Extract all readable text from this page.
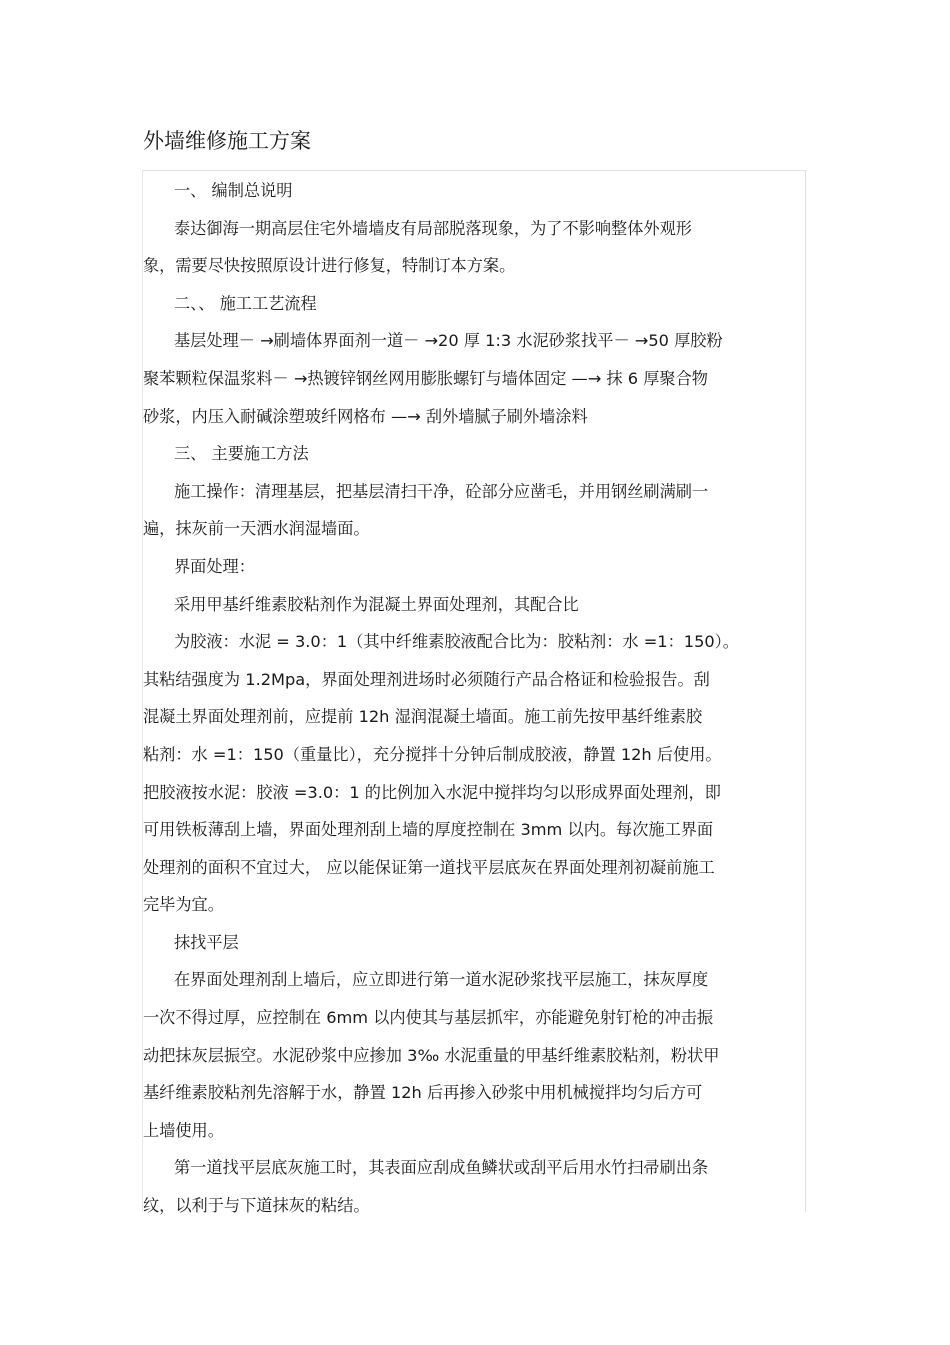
外墙维修施工方案
一、 编制总说明
泰达御海一期高层住宅外墙墙皮有局部脱落现象，为了不影响整体外观形
象，需要尽快按照原设计进行修复，特制订本方案。
二、、 施工工艺流程
基层处理－ →刷墙体界面剂一道－ →20 厚 1:3 水泥砂浆找平－ →50 厚胶粉
聚苯颗粒保温浆料－ →热镀锌钢丝网用膨胀螺钉与墙体固定 —→ 抹 6 厚聚合物
砂浆，内压入耐碱涂塑玻纤网格布 —→ 刮外墙腻子刷外墙涂料
三、 主要施工方法
施工操作：清理基层，把基层清扫干净，砼部分应凿毛，并用钢丝刷满刷一
遍，抹灰前一天洒水润湿墙面。
界面处理：
采用甲基纤维素胶粘剂作为混凝土界面处理剂，其配合比
为胶液：水泥 = 3.0：1（其中纤维素胶液配合比为：胶粘剂：水 =1：150）。
其粘结强度为 1.2Mpa，界面处理剂进场时必须随行产品合格证和检验报告。刮
混凝土界面处理剂前，应提前 12h 湿润混凝土墙面。施工前先按甲基纤维素胶
粘剂：水 =1：150（重量比），充分搅拌十分钟后制成胶液，静置 12h 后使用。
把胶液按水泥：胶液 =3.0：1 的比例加入水泥中搅拌均匀以形成界面处理剂，即
可用铁板薄刮上墙，界面处理剂刮上墙的厚度控制在 3mm 以内。每次施工界面
处理剂的面积不宜过大， 应以能保证第一道找平层底灰在界面处理剂初凝前施工
完毕为宜。
抹找平层
在界面处理剂刮上墙后，应立即进行第一道水泥砂浆找平层施工，抹灰厚度
一次不得过厚，应控制在 6mm 以内使其与基层抓牢，亦能避免射钉枪的冲击振
动把抹灰层振空。水泥砂浆中应掺加 3‰ 水泥重量的甲基纤维素胶粘剂，粉状甲
基纤维素胶粘剂先溶解于水，静置 12h 后再掺入砂浆中用机械搅拌均匀后方可
上墙使用。
第一道找平层底灰施工时，其表面应刮成鱼鳞状或刮平后用水竹扫帚刷出条
纹，以利于与下道抹灰的粘结。
